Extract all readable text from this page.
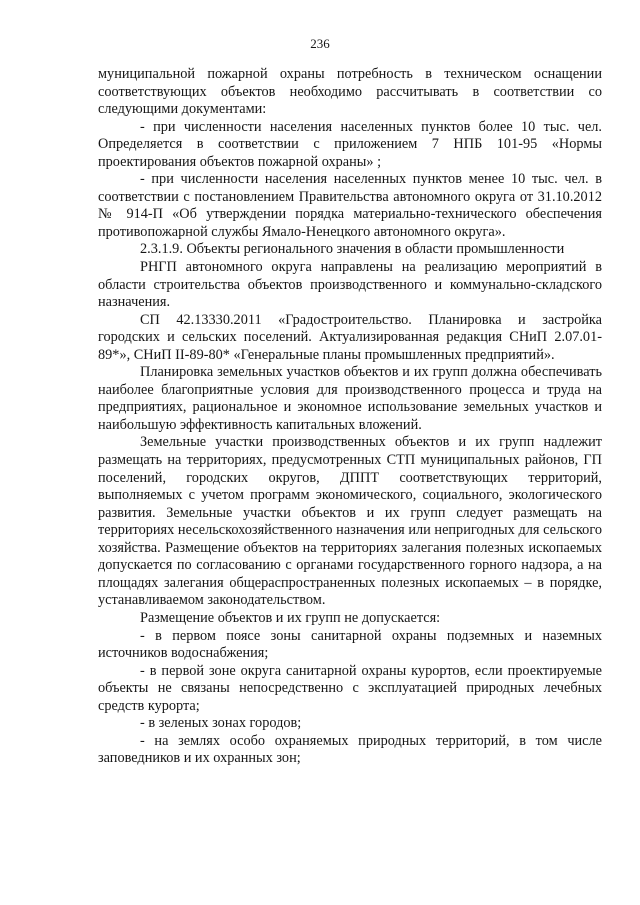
236

муниципальной пожарной охраны потребность в техническом оснащении соответствующих объектов необходимо рассчитывать в соответствии со следующими документами:

- при численности населения населенных пунктов более 10 тыс. чел. Определяется в соответствии с приложением 7 НПБ 101-95 «Нормы проектирования объектов пожарной охраны» ;

- при численности населения населенных пунктов менее 10 тыс. чел. в соответствии с постановлением Правительства автономного округа от 31.10.2012 № 914-П «Об утверждении порядка материально-технического обеспечения противопожарной службы Ямало-Ненецкого автономного округа».

2.3.1.9. Объекты регионального значения в области промышленности

РНГП автономного округа направлены на реализацию мероприятий в области строительства объектов производственного и коммунально-складского назначения.

СП 42.13330.2011 «Градостроительство. Планировка и застройка городских и сельских поселений. Актуализированная редакция СНиП 2.07.01-89*», СНиП II-89-80* «Генеральные планы промышленных предприятий».

Планировка земельных участков объектов и их групп должна обеспечивать наиболее благоприятные условия для производственного процесса и труда на предприятиях, рациональное и экономное использование земельных участков и наибольшую эффективность капитальных вложений.

Земельные участки производственных объектов и их групп надлежит размещать на территориях, предусмотренных СТП муниципальных районов, ГП поселений, городских округов, ДППТ соответствующих территорий, выполняемых с учетом программ экономического, социального, экологического развития. Земельные участки объектов и их групп следует размещать на территориях несельскохозяйственного назначения или непригодных для сельского хозяйства. Размещение объектов на территориях залегания полезных ископаемых допускается по согласованию с органами государственного горного надзора, а на площадях залегания общераспространенных полезных ископаемых – в порядке, устанавливаемом законодательством.

Размещение объектов и их групп не допускается:

- в первом поясе зоны санитарной охраны подземных и наземных источников водоснабжения;

- в первой зоне округа санитарной охраны курортов, если проектируемые объекты не связаны непосредственно с эксплуатацией природных лечебных средств курорта;

- в зеленых зонах городов;

- на землях особо охраняемых природных территорий, в том числе заповедников и их охранных зон;
